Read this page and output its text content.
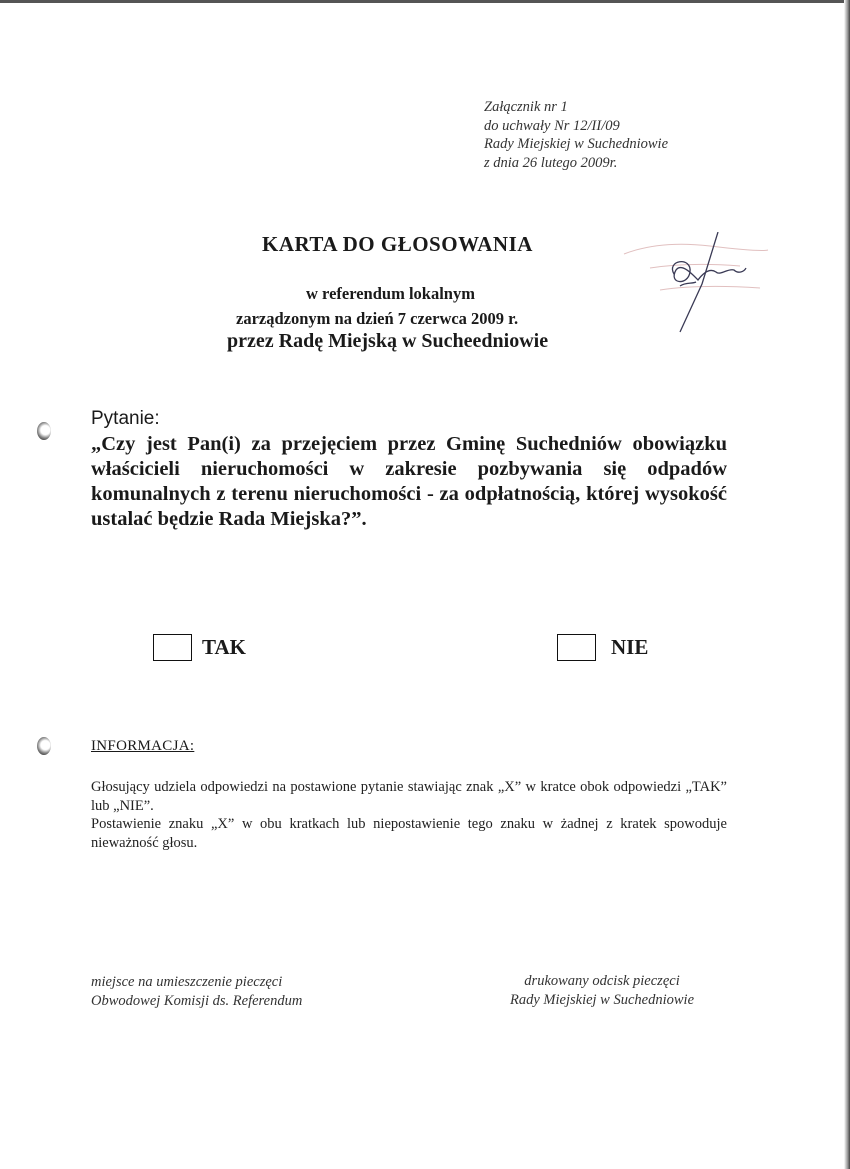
Załącznik nr 1
do uchwały Nr 12/II/09
Rady Miejskiej w Suchedniowie
z dnia 26 lutego 2009r.
KARTA DO GŁOSOWANIA
w referendum lokalnym
zarządzonym na dzień 7 czerwca 2009 r.
przez Radę Miejską w Sucheedniowie
Pytanie:
„Czy jest Pan(i) za przejęciem przez Gminę Suchedniów obowiązku właścicieli nieruchomości w zakresie pozbywania się odpadów komunalnych z terenu nieruchomości - za odpłatnością, której wysokość ustalać będzie Rada Miejska?”.
TAK	NIE
INFORMACJA:

Głosujący udziela odpowiedzi na postawione pytanie stawiając znak „X” w kratce obok odpowiedzi „TAK” lub „NIE”.

Postawienie znaku „X” w obu kratkach lub niepostawienie tego znaku w żadnej z kratek spowoduje nieważność głosu.

miejsce na umieszczenie pieczęci
Obwodowej Komisji ds. Referendum
drukowany odcisk pieczęci
Rady Miejskiej w Suchedniowie
